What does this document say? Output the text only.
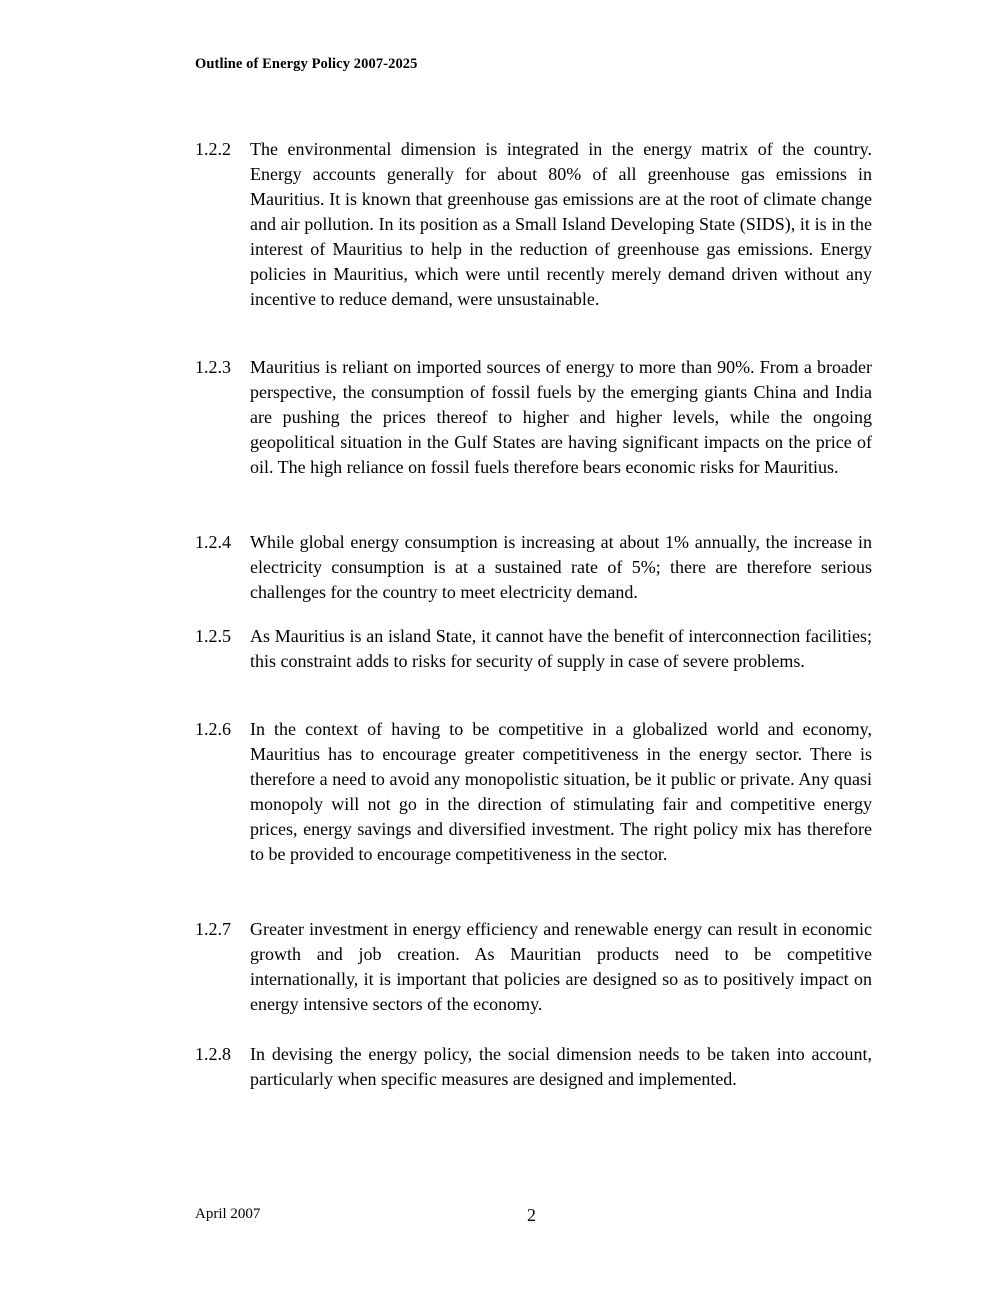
Outline of Energy Policy 2007-2025
1.2.2	The environmental dimension is integrated in the energy matrix of the country. Energy accounts generally for about 80% of all greenhouse gas emissions in Mauritius. It is known that greenhouse gas emissions are at the root of climate change and air pollution. In its position as a Small Island Developing State (SIDS), it is in the interest of Mauritius to help in the reduction of greenhouse gas emissions. Energy policies in Mauritius, which were until recently merely demand driven without any incentive to reduce demand, were unsustainable.
1.2.3	Mauritius is reliant on imported sources of energy to more than 90%. From a broader perspective, the consumption of fossil fuels by the emerging giants China and India are pushing the prices thereof to higher and higher levels, while the ongoing geopolitical situation in the Gulf States are having significant impacts on the price of oil. The high reliance on fossil fuels therefore bears economic risks for Mauritius.
1.2.4	While global energy consumption is increasing at about 1% annually, the increase in electricity consumption is at a sustained rate of 5%; there are therefore serious challenges for the country to meet electricity demand.
1.2.5	As Mauritius is an island State, it cannot have the benefit of interconnection facilities; this constraint adds to risks for security of supply in case of severe problems.
1.2.6	In the context of having to be competitive in a globalized world and economy, Mauritius has to encourage greater competitiveness in the energy sector. There is therefore a need to avoid any monopolistic situation, be it public or private. Any quasi monopoly will not go in the direction of stimulating fair and competitive energy prices, energy savings and diversified investment. The right policy mix has therefore to be provided to encourage competitiveness in the sector.
1.2.7	Greater investment in energy efficiency and renewable energy can result in economic growth and job creation. As Mauritian products need to be competitive internationally, it is important that policies are designed so as to positively impact on energy intensive sectors of the economy.
1.2.8	In devising the energy policy, the social dimension needs to be taken into account, particularly when specific measures are designed and implemented.
April 2007	2
